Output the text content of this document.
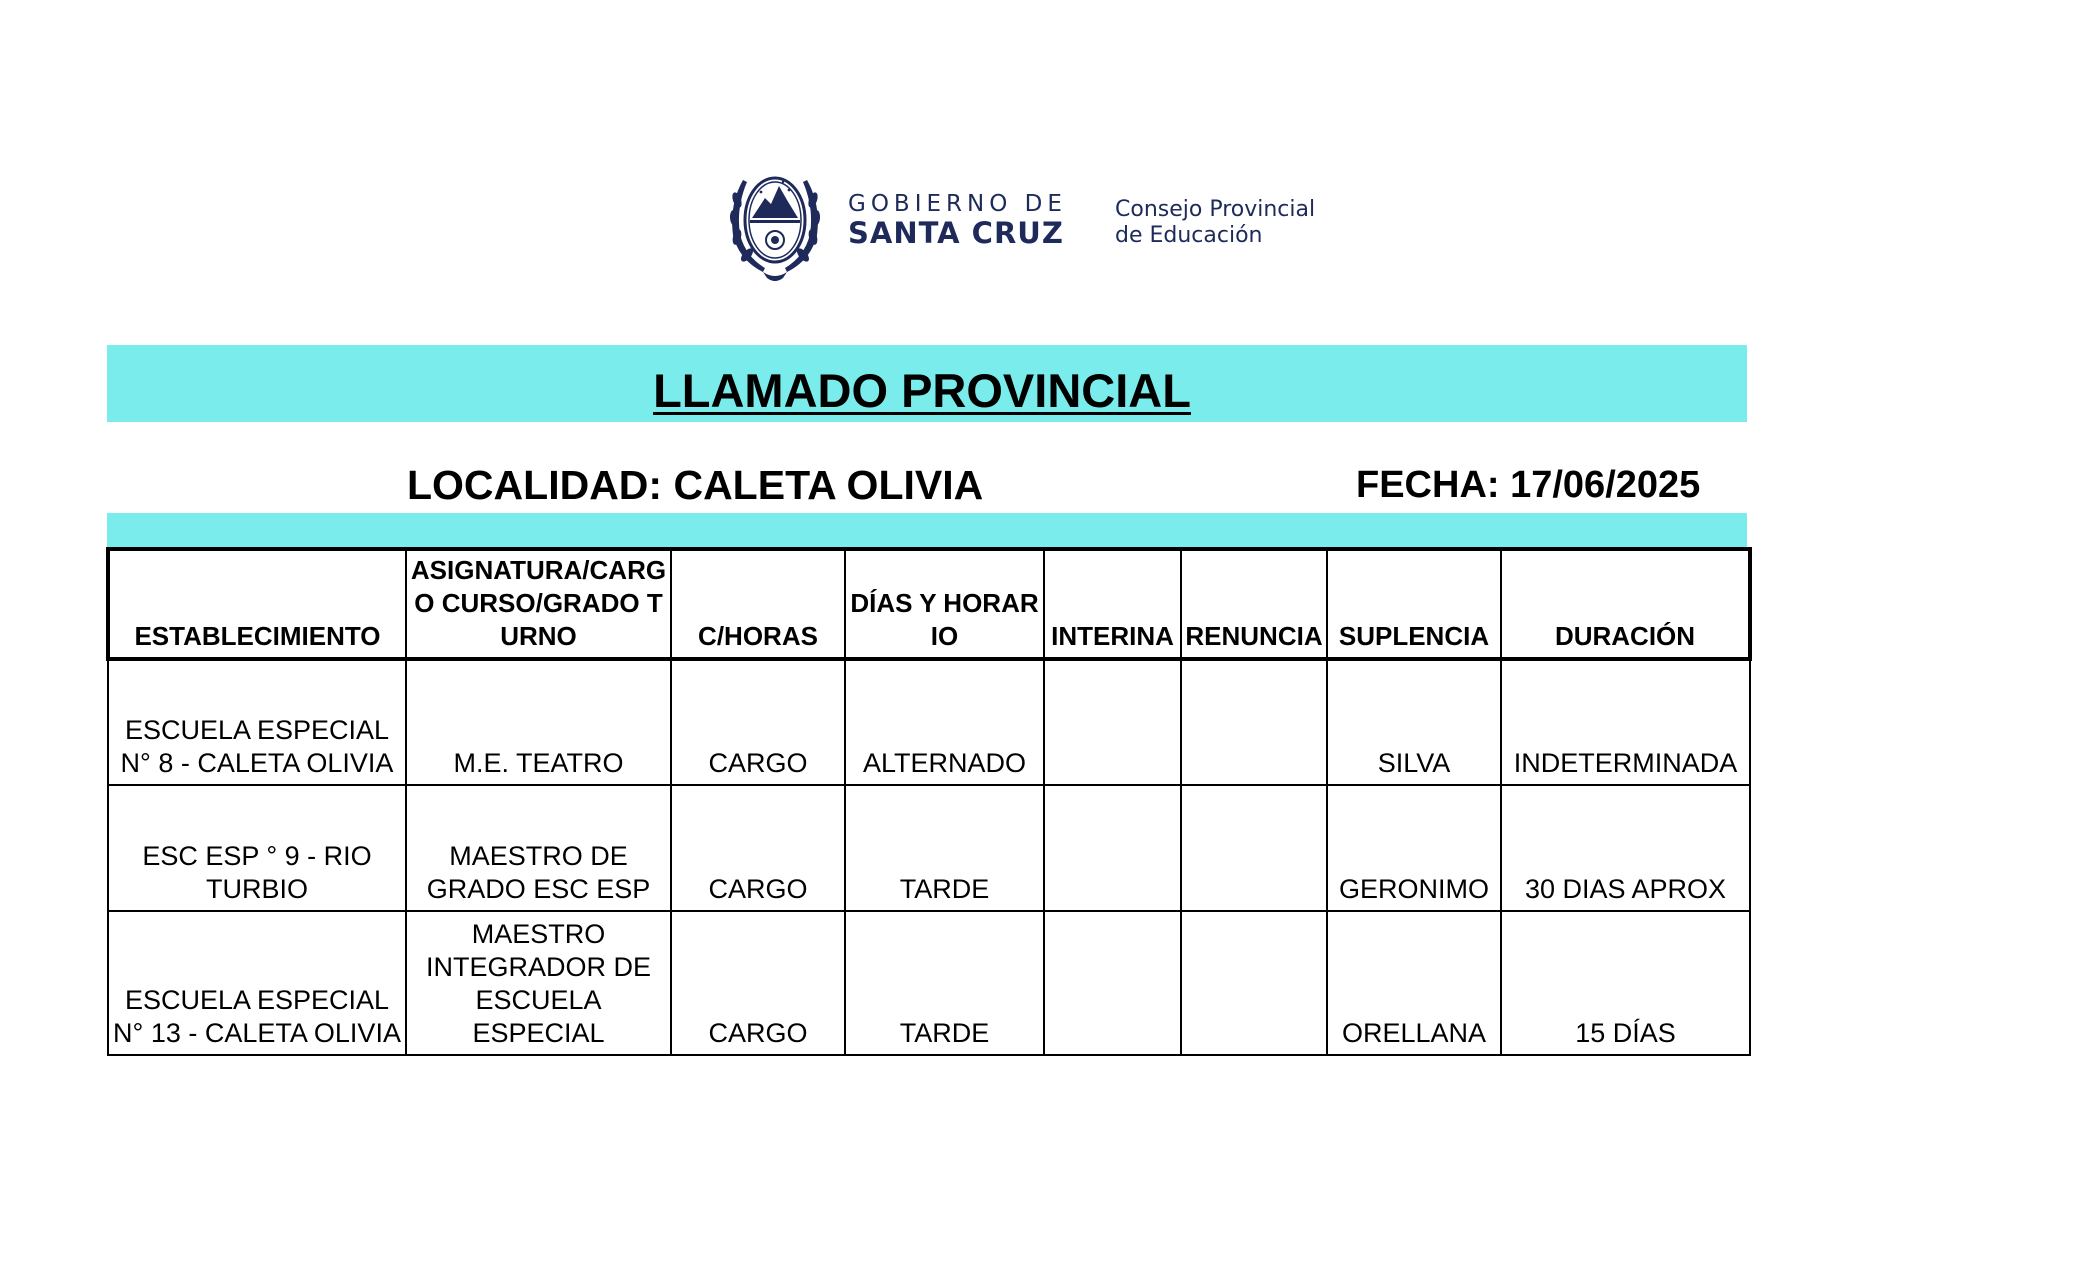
GOBIERNO DE
SANTA CRUZ
Consejo Provincial
de Educación
LLAMADO PROVINCIAL
LOCALIDAD: CALETA OLIVIA	FECHA: 17/06/2025
ESTABLECIMIENTO	ASIGNATURA/CARGO CURSO/GRADO TURNO	C/HORAS	DÍAS Y HORARIO	INTERINA	RENUNCIA	SUPLENCIA	DURACIÓN
ESCUELA ESPECIAL N° 8 - CALETA OLIVIA	M.E. TEATRO	CARGO	ALTERNADO			SILVA	INDETERMINADA
ESC ESP ° 9 - RIO TURBIO	MAESTRO DE GRADO ESC ESP	CARGO	TARDE			GERONIMO	30 DIAS APROX
ESCUELA ESPECIAL N° 13 - CALETA OLIVIA	MAESTRO INTEGRADOR DE ESCUELA ESPECIAL	CARGO	TARDE			ORELLANA	15 DÍAS
